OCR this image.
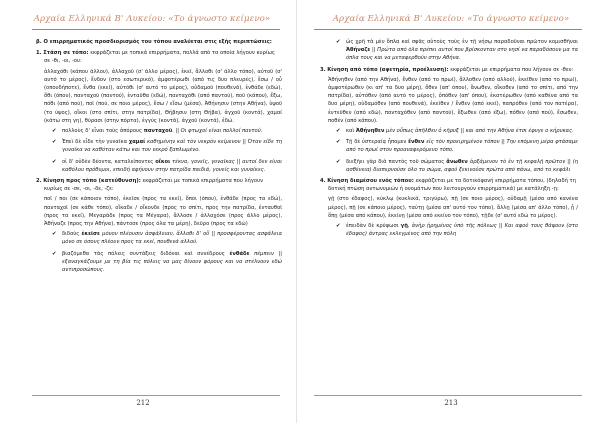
Αρχαία Ελληνικά Β' Λυκείου: «Το άγνωστο κείμενο»

β. Ο επιρρηματικός προσδιορισμός του τόπου αναλύεται στις εξής περιπτώσεις:

1. Στάση σε τόπο: εκφράζεται με τοπικά επιρρήματα, πολλά από τα οποία λήγουν κυρίως σε -θι, -οι, -ου:

ἀλλαχόθι (κάπου άλλου), ἀλλαχοῦ (σ' άλλο μέρος), ἐκεῖ, ἄλλοθι (σ' άλλο τόπο), αὐτοῦ (σ' αυτό το μέρος), ἔνδον (στο εσωτερικό), ἀμφοτέρωθι (από τις δυο πλευρές), ἔσω / οὗ (οπουδήποτε), ἔνθα (εκεί), αὐτόθι (σ' αυτό το μέρος), οὐδαμοῦ (πουθενά), ἐνθάδε (εδώ), ὅθι (όπου), πανταχοῦ (παντού), ἐνταῦθα (εδώ), πανταχόθι (από παντού), ποῦ (κάπου), ἔξω, πόθι (από πού), ποῖ (πού, σε ποιο μέρος), ἔσω / εἴσω (μέσα), Ἀθήνησιν (στην Αθήνα), ὑψοῦ (το ύψος), οἴκοι (στο σπίτι, στην πατρίδα), Θήβησιν (στη Θήβα), ἀγχοῦ (κοντά), χαμαί (κάτω στη γη), θύρασι (στην πόρτα), ἐγγύς (κοντά), ἀγχοῦ (κοντά), ἐδώ.

✔ πολλοὺς δ' εἶναι τοὺς ἀπόρους πανταχοῦ. || Οι φτωχοί είναι πολλοί παντού.

✔ Ἐπεὶ δὲ εἶδε τὴν γυναῖκα χαμαί καθημένην καὶ τὸν νεκρὸν κείμενον || Όταν είδε τη γυναίκα να καθόταν κάτω και τον νεκρό ξαπλωμένο.

✔ οἱ δ' οὐδὲν δέοντα, καταλείποντες οἴκοι τέκνα, γονεῖς, γυναῖκας || αυτοί δεν είναι καθόλου πρόθυμοι, επειδή αφήνουν στην πατρίδα παιδιά, γονείς και γυναίκες.

2. Κίνηση προς τόπο (κατεύθυνση): εκφράζεται με τοπικά επιρρήματα που λήγουν κυρίως σε -σε, -οι, -δε, -ζε:

ποῖ / ποι (σε κάποιον τόπο), ἐκεῖσε (προς τα εκεί), ὅποι (όπου), ἐνθάδε (προς τα εδώ), πανταχοῖ (σε κάθε τόπο), οἴκαδε / οἴκονδε (προς το σπίτι, προς την πατρίδα, ἐνταυθοῖ (προς τα εκεί), Μεγαράδε (προς τα Μέγαρα), ἄλλοσε / ἀλλαχόσε (προς άλλο μέρος), Ἀθήναζε (προς την Αθήνα), πάντοσε (προς όλα τα μέρη), δεῦρο (προς τα εδώ)

✔ διδοὺς ἐκεῖσε μόνον πλέουσιν ἀσφάλειαν, ἄλλοθι δ' οὔ || προσφέροντας ασφάλεια μόνο σε όσους πλέουν προς τα εκεί, πουθενά αλλού.

✔ βιαζόμεθα τὰς πόλεις συντάξεις διδόναι καὶ συνέδρους ἐνθάδε πέμπειν || εξαναγκάζουμε με τη βία τις πόλεις να μας δίνουν φόρους και να στέλνουν εδώ αντιπροσώπους.

212
Αρχαία Ελληνικά Β' Λυκείου: «Το άγνωστο κείμενο»

✔ ὡς χρῆ τὰ μὲν ὅπλα καὶ σφᾶς αὐτοὺς τοὺς ἐν τῇ νήσῳ παραδοῦναι πρῶτον κομισθῆναι Ἀθήναζε || Πρώτα από όλα πρέπει αυτοί που βρίσκονταν στο νησί να παραδόσουν μα τα όπλα τους και να μεταφερθούν στην Αθήνα.

3. Κίνηση από τόπο (αφετηρία, προέλευση): εκφράζεται με επιρρήματα που λήγουν σε -θεν:

Ἀθήνηθεν (από την Αθήνα), ἔνθεν (από το πρωί), ἄλλοθεν (από αλλού), ἐκεῖθεν (από το πρωί), ἀμφοτέρωθεν (κι απ' τα δυο μέρη), ὅθεν (απ' όπου), ἄνωθεν, οἴκοθεν (από το σπίτι, από την πατρίδα), αὐτόθεν (από αυτό το μέρος), ὁπόθεν (απ' όπου), ἑκατέρωθεν (από καθένα από τα δυο μέρη), οὐδαμόθεν (από πουθενά), ἐκεῖθεν / ἔνθεν (από εκεί), παπρόθεν (από τον πατέρα), ἐντεῦθεν (από εδώ), πανταχόθεν (από παντού), ἔξωθεν (από έξω), πόθεν (από πού), ἔσωθεν, ποθέν (από κάπου).

✔ καὶ Ἀθήνηθεν μὲν οὔπως ἀπῆλθεν ὁ κῆρυξ || και από την Αθήνα έτσι έφυγε ο κήρυκας.

✔ Τῇ δὲ ὑστεραίᾳ ἧπομεν ἔνθεν εἰς τὸν προειρημένον τόπον || Την επόμενη μέρα φτάσαμε από το πρωί στον προαναφερόμενο τόπο.

✔ διεξῆει γὰρ διὰ παντὸς τοῦ σώματος ἄνωθεν ἀρξάμενον τὸ ἐν τῇ κεφαλῇ πρῶτον || (η ασθένεια) διαπερνούσε όλο το σώμα, αφού ξεκινούσε πρώτα από πάνω, από το κεφάλι

4. Κίνηση διαμέσου ενός τόπου: εκφράζεται με τα δοτικόφανή επιρρήματα τόπου, (δηλαδή τη δοτική πτώση αντωνυμιών ή ονομάτων που λειτουργούν επιρρηματικά) με κατάληξη -ῃ:

γῇ (στο έδαφος), κύκλῳ (κυκλικά, τριγύρω), πῇ (σε ποιο μέρος), οὐδαμῇ (μέσα από κανένα μέρος), πῇ (σε κάποιο μέρος), ταύτῃ (μέσα απ' αυτό τον τόπο), ἄλλῃ (μέσα απ' άλλο τόπο), ᾗ / ὅπῃ (μέσα από κάπου), ἐκείνῃ (μέσα από εκείνο τον τόπο), τῇδε (σ' αυτό εδώ το μέρος).

✔ ἐπειδὰν δὲ κρύψωσι γῇ, ἀνὴρ ᾑρημένος ὑπὸ τῆς πόλεως || Και αφού τους θάψουν (στο έδαφος) άντρας εκλεγμένος από την πόλη

213
